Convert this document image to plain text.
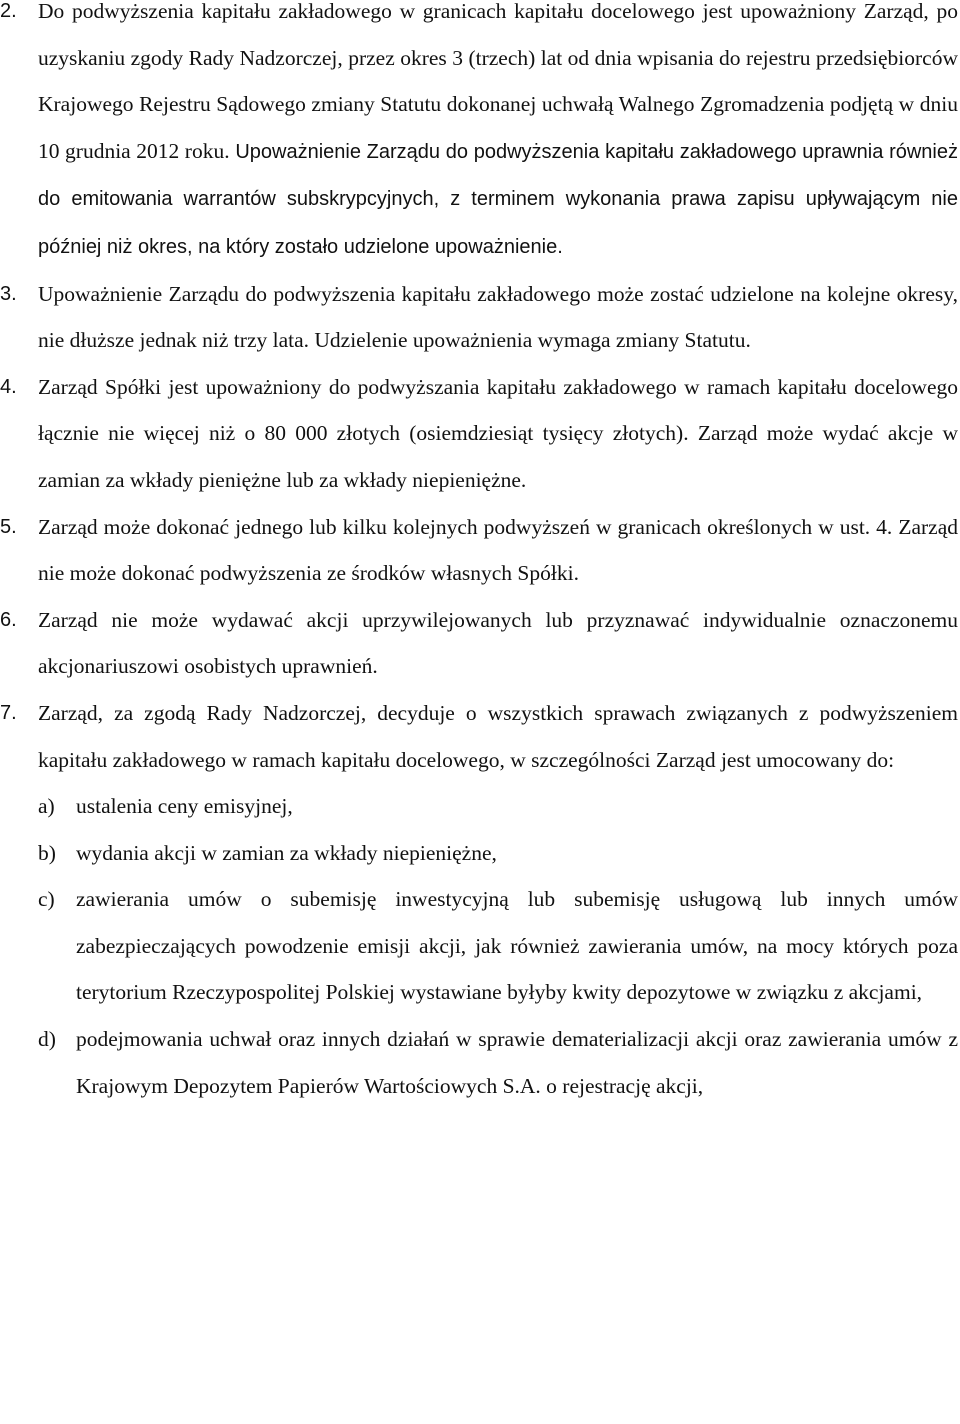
2. Do podwyższenia kapitału zakładowego w granicach kapitału docelowego jest upoważniony Zarząd, po uzyskaniu zgody Rady Nadzorczej, przez okres 3 (trzech) lat od dnia wpisania do rejestru przedsiębiorców Krajowego Rejestru Sądowego zmiany Statutu dokonanej uchwałą Walnego Zgromadzenia podjętą w dniu 10 grudnia 2012 roku. Upoważnienie Zarządu do podwyższenia kapitału zakładowego uprawnia również do emitowania warrantów subskrypcyjnych, z terminem wykonania prawa zapisu upływającym nie później niż okres, na który zostało udzielone upoważnienie.

3. Upoważnienie Zarządu do podwyższenia kapitału zakładowego może zostać udzielone na kolejne okresy, nie dłuższe jednak niż trzy lata. Udzielenie upoważnienia wymaga zmiany Statutu.

4. Zarząd Spółki jest upoważniony do podwyższania kapitału zakładowego w ramach kapitału docelowego łącznie nie więcej niż o 80 000 złotych (osiemdziesiąt tysięcy złotych). Zarząd może wydać akcje w zamian za wkłady pieniężne lub za wkłady niepieniężne.

5. Zarząd może dokonać jednego lub kilku kolejnych podwyższeń w granicach określonych w ust. 4. Zarząd nie może dokonać podwyższenia ze środków własnych Spółki.

6. Zarząd nie może wydawać akcji uprzywilejowanych lub przyznawać indywidualnie oznaczonemu akcjonariuszowi osobistych uprawnień.

7. Zarząd, za zgodą Rady Nadzorczej, decyduje o wszystkich sprawach związanych z podwyższeniem kapitału zakładowego w ramach kapitału docelowego, w szczególności Zarząd jest umocowany do:

a) ustalenia ceny emisyjnej,

b) wydania akcji w zamian za wkłady niepieniężne,

c) zawierania umów o subemisję inwestycyjną lub subemisję usługową lub innych umów zabezpieczających powodzenie emisji akcji, jak również zawierania umów, na mocy których poza terytorium Rzeczypospolitej Polskiej wystawiane byłyby kwity depozytowe w związku z akcjami,

d) podejmowania uchwał oraz innych działań w sprawie dematerializacji akcji oraz zawierania umów z Krajowym Depozytem Papierów Wartościowych S.A. o rejestrację akcji,
